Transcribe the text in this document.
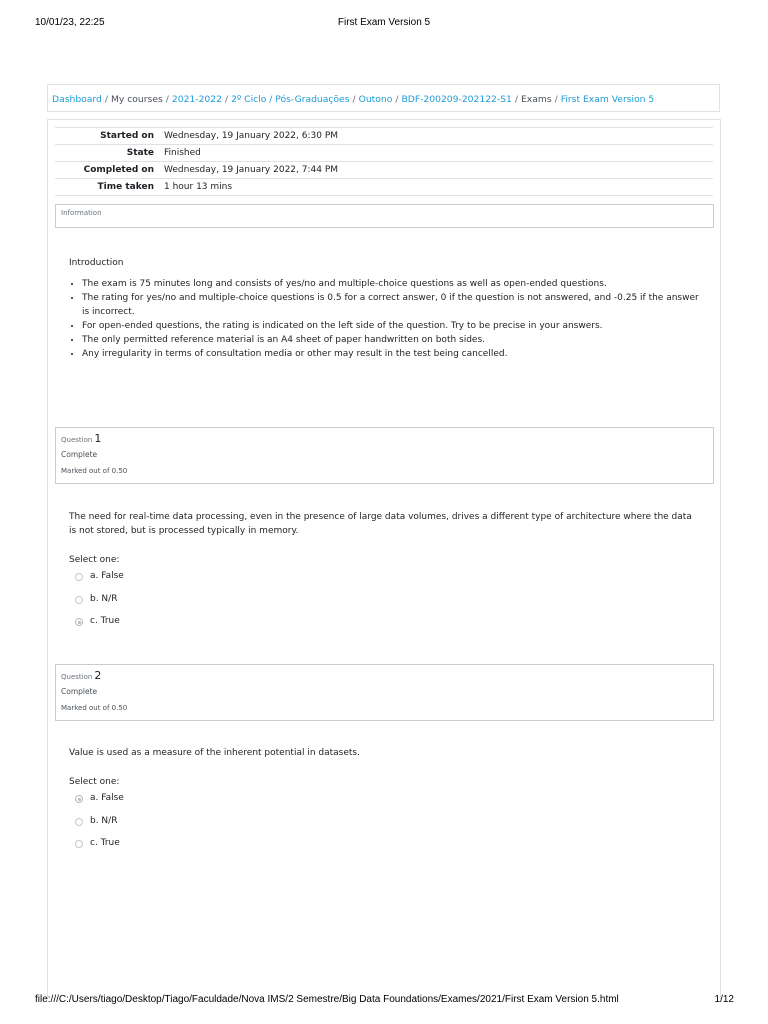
10/01/23, 22:25	First Exam Version 5
Dashboard / My courses / 2021-2022 / 2º Ciclo / Pós-Graduações / Outono / BDF-200209-202122-S1 / Exams / First Exam Version 5
Started on	Wednesday, 19 January 2022, 6:30 PM
State	Finished
Completed on	Wednesday, 19 January 2022, 7:44 PM
Time taken	1 hour 13 mins
Information

Introduction

• The exam is 75 minutes long and consists of yes/no and multiple-choice questions as well as open-ended questions.
• The rating for yes/no and multiple-choice questions is 0.5 for a correct answer, 0 if the question is not answered, and -0.25 if the answer is incorrect.
• For open-ended questions, the rating is indicated on the left side of the question. Try to be precise in your answers.
• The only permitted reference material is an A4 sheet of paper handwritten on both sides.
• Any irregularity in terms of consultation media or other may result in the test being cancelled.
Question 1
Complete
Marked out of 0.50

The need for real-time data processing, even in the presence of large data volumes, drives a different type of architecture where the data is not stored, but is processed typically in memory.

Select one:

a. False
b. N/R
c. True
Question 2
Complete
Marked out of 0.50

Value is used as a measure of the inherent potential in datasets.

Select one:

a. False
b. N/R
c. True
file:///C:/Users/tiago/Desktop/Tiago/Faculdade/Nova IMS/2 Semestre/Big Data Foundations/Exames/2021/First Exam Version 5.html	1/12
